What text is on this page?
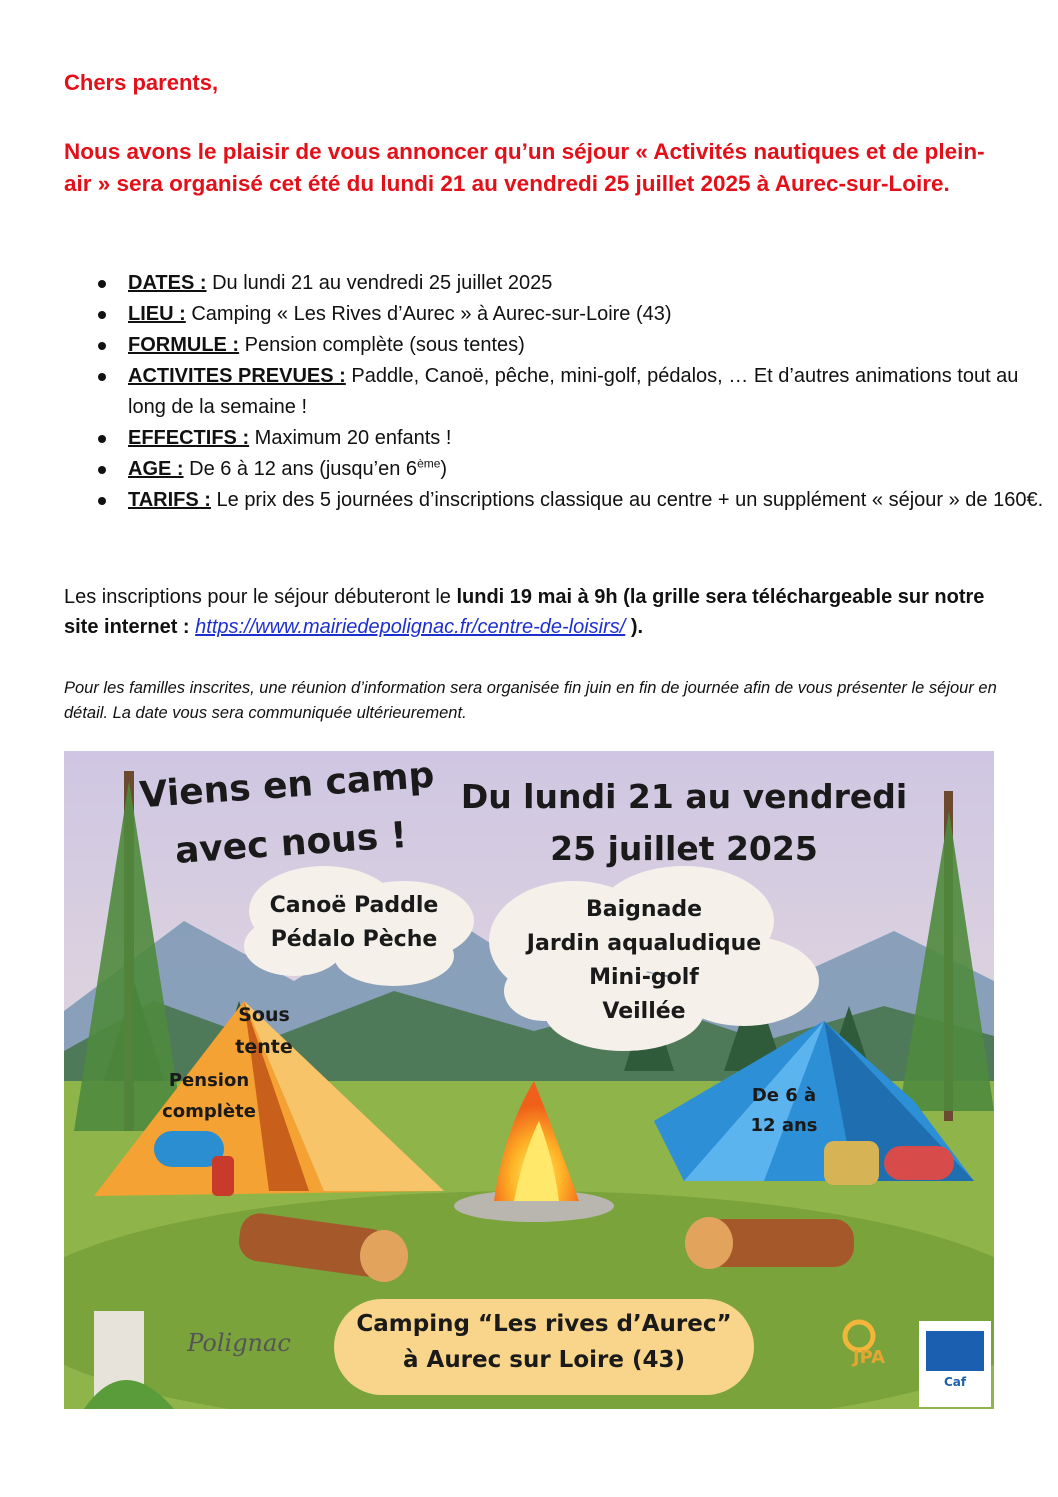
Chers parents,
Nous avons le plaisir de vous annoncer qu’un séjour « Activités nautiques et de plein-air » sera organisé cet été du lundi 21 au vendredi 25 juillet 2025 à Aurec-sur-Loire.
DATES : Du lundi 21 au vendredi 25 juillet 2025
LIEU : Camping « Les Rives d’Aurec » à Aurec-sur-Loire (43)
FORMULE : Pension complète (sous tentes)
ACTIVITES PREVUES : Paddle, Canoë, pêche, mini-golf, pédalos, … Et d’autres animations tout au long de la semaine !
EFFECTIFS : Maximum 20 enfants !
AGE : De 6 à 12 ans (jusqu’en 6ème)
TARIFS : Le prix des 5 journées d’inscriptions classique au centre + un supplément « séjour » de 160€.
Les inscriptions pour le séjour débuteront le lundi 19 mai à 9h (la grille sera téléchargeable sur notre site internet : https://www.mairiedepolignac.fr/centre-de-loisirs/ ).
Pour les familles inscrites, une réunion d’information sera organisée fin juin en fin de journée afin de vous présenter le séjour en détail. La date vous sera communiquée ultérieurement.
Viens en camp
avec nous !
Du lundi 21 au vendredi
25 juillet 2025
Canoë Paddle
Pédalo Pèche
Baignade
Jardin aqualudique
Mini-golf
Veillée
Sous
tente
Pension
complète
De 6 à
12 ans
Camping “Les rives d’Aurec”
à Aurec sur Loire (43)
Polignac
JPA
Caf
